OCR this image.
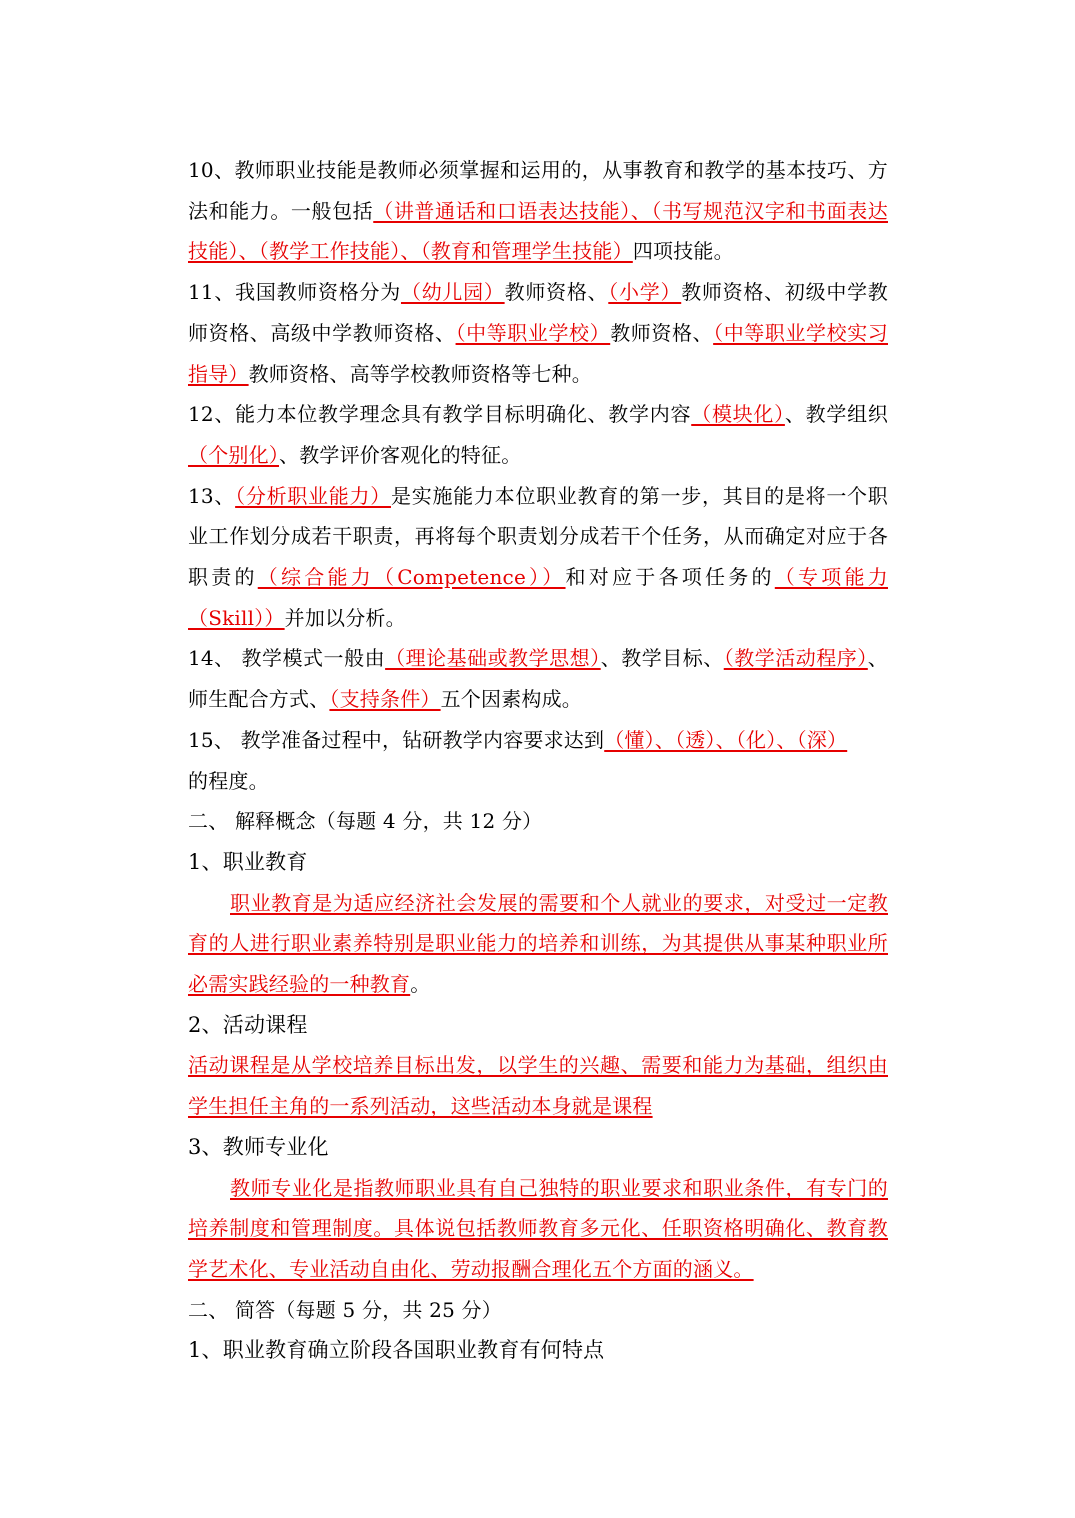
10、教师职业技能是教师必须掌握和运用的，从事教育和教学的基本技巧、方法和能力。一般包括（讲普通话和口语表达技能）、（书写规范汉字和书面表达技能）、（教学工作技能）、（教育和管理学生技能）四项技能。

11、我国教师资格分为（幼儿园）教师资格、（小学）教师资格、初级中学教师资格、高级中学教师资格、（中等职业学校）教师资格、（中等职业学校实习指导）教师资格、高等学校教师资格等七种。

12、能力本位教学理念具有教学目标明确化、教学内容（模块化）、教学组织（个别化）、教学评价客观化的特征。

13、（分析职业能力）是实施能力本位职业教育的第一步，其目的是将一个职业工作划分成若干职责，再将每个职责划分成若干个任务，从而确定对应于各职责的（综合能力（Competence））和对应于各项任务的（专项能力（Skill））并加以分析。

14、 教学模式一般由（理论基础或教学思想）、教学目标、（教学活动程序）、师生配合方式、（支持条件）五个因素构成。

15、 教学准备过程中，钻研教学内容要求达到（懂）、（透）、（化）、（深）
的程度。

二、 解释概念（每题 4 分，共 12 分）

1、职业教育

职业教育是为适应经济社会发展的需要和个人就业的要求，对受过一定教育的人进行职业素养特别是职业能力的培养和训练，为其提供从事某种职业所必需实践经验的一种教育。

2、活动课程

活动课程是从学校培养目标出发，以学生的兴趣、需要和能力为基础，组织由学生担任主角的一系列活动，这些活动本身就是课程

3、教师专业化

教师专业化是指教师职业具有自己独特的职业要求和职业条件，有专门的培养制度和管理制度。具体说包括教师教育多元化、任职资格明确化、教育教学艺术化、专业活动自由化、劳动报酬合理化五个方面的涵义。

二、 简答（每题 5 分，共 25 分）

1、职业教育确立阶段各国职业教育有何特点
